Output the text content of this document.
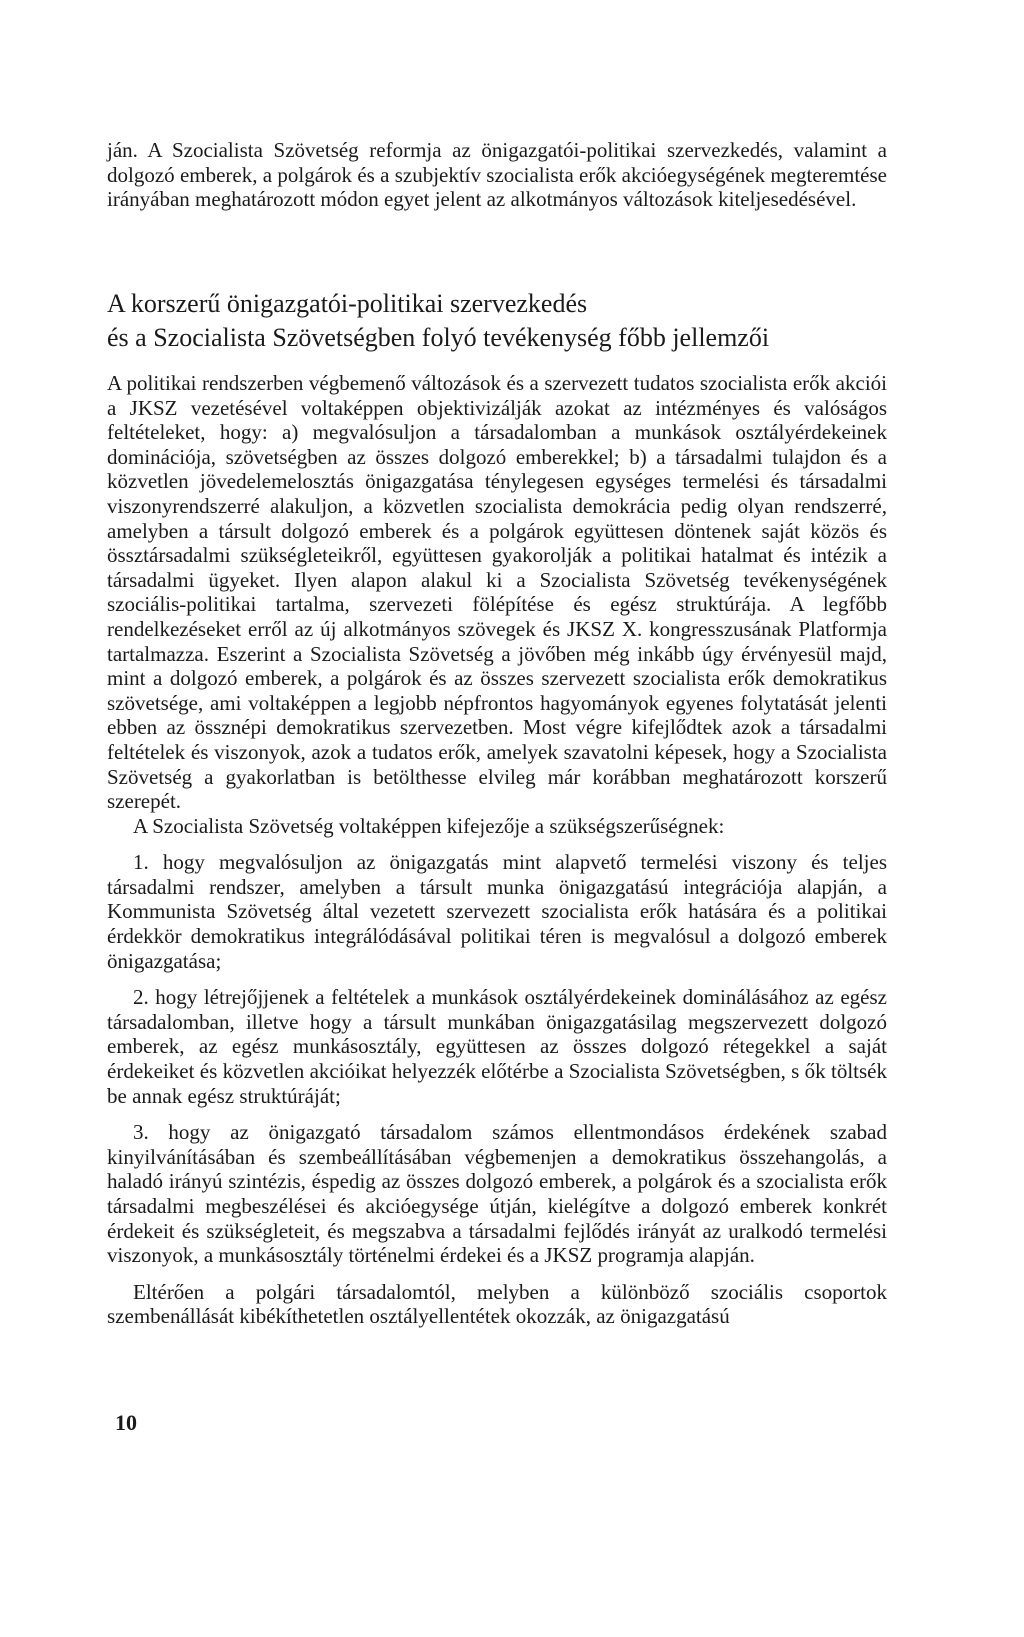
ján. A Szocialista Szövetség reformja az önigazgatói-politikai szervezkedés, valamint a dolgozó emberek, a polgárok és a szubjektív szocialista erők akcióegységének megteremtése irányában meghatározott módon egyet jelent az alkotmányos változások kiteljesedésével.

A korszerű önigazgatói-politikai szervezkedés
és a Szocialista Szövetségben folyó tevékenység főbb jellemzői

A politikai rendszerben végbemenő változások és a szervezett tudatos szocialista erők akciói a JKSZ vezetésével voltaképpen objektivizálják azokat az intézményes és valóságos feltételeket, hogy: a) megvalósuljon a társadalomban a munkások osztályérdekeinek dominációja, szövetségben az összes dolgozó emberekkel; b) a társadalmi tulajdon és a közvetlen jövedelemelosztás önigazgatása ténylegesen egységes termelési és társadalmi viszonyrendszerré alakuljon, a közvetlen szocialista demokrácia pedig olyan rendszerré, amelyben a társult dolgozó emberek és a polgárok együttesen döntenek saját közös és össztársadalmi szükségleteikről, együttesen gyakorolják a politikai hatalmat és intézik a társadalmi ügyeket. Ilyen alapon alakul ki a Szocialista Szövetség tevékenységének szociális-politikai tartalma, szervezeti fölépítése és egész struktúrája. A legfőbb rendelkezéseket erről az új alkotmányos szövegek és JKSZ X. kongresszusának Platformja tartalmazza. Eszerint a Szocialista Szövetség a jövőben még inkább úgy érvényesül majd, mint a dolgozó emberek, a polgárok és az összes szervezett szocialista erők demokratikus szövetsége, ami voltaképpen a legjobb népfrontos hagyományok egyenes folytatását jelenti ebben az össznépi demokratikus szervezetben. Most végre kifejlődtek azok a társadalmi feltételek és viszonyok, azok a tudatos erők, amelyek szavatolni képesek, hogy a Szocialista Szövetség a gyakorlatban is betölthesse elvileg már korábban meghatározott korszerű szerepét.

A Szocialista Szövetség voltaképpen kifejezője a szükségszerűségnek:

1. hogy megvalósuljon az önigazgatás mint alapvető termelési viszony és teljes társadalmi rendszer, amelyben a társult munka önigazgatású integrációja alapján, a Kommunista Szövetség által vezetett szervezett szocialista erők hatására és a politikai érdekkör demokratikus integrálódásával politikai téren is megvalósul a dolgozó emberek önigazgatása;

2. hogy létrejőjjenek a feltételek a munkások osztályérdekeinek dominálásához az egész társadalomban, illetve hogy a társult munkában önigazgatásilag megszervezett dolgozó emberek, az egész munkásosztály, együttesen az összes dolgozó rétegekkel a saját érdekeiket és közvetlen akcióikat helyezzék előtérbe a Szocialista Szövetségben, s ők töltsék be annak egész struktúráját;

3. hogy az önigazgató társadalom számos ellentmondásos érdekének szabad kinyilvánításában és szembeállításában végbemenjen a demokratikus összehangolás, a haladó irányú szintézis, éspedig az összes dolgozó emberek, a polgárok és a szocialista erők társadalmi megbeszélései és akcióegysége útján, kielégítve a dolgozó emberek konkrét érdekeit és szükségleteit, és megszabva a társadalmi fejlődés irányát az uralkodó termelési viszonyok, a munkásosztály történelmi érdekei és a JKSZ programja alapján.

Eltérően a polgári társadalomtól, melyben a különböző szociális csoportok szembenállását kibékíthetetlen osztályellentétek okozzák, az önigazgatású

10
